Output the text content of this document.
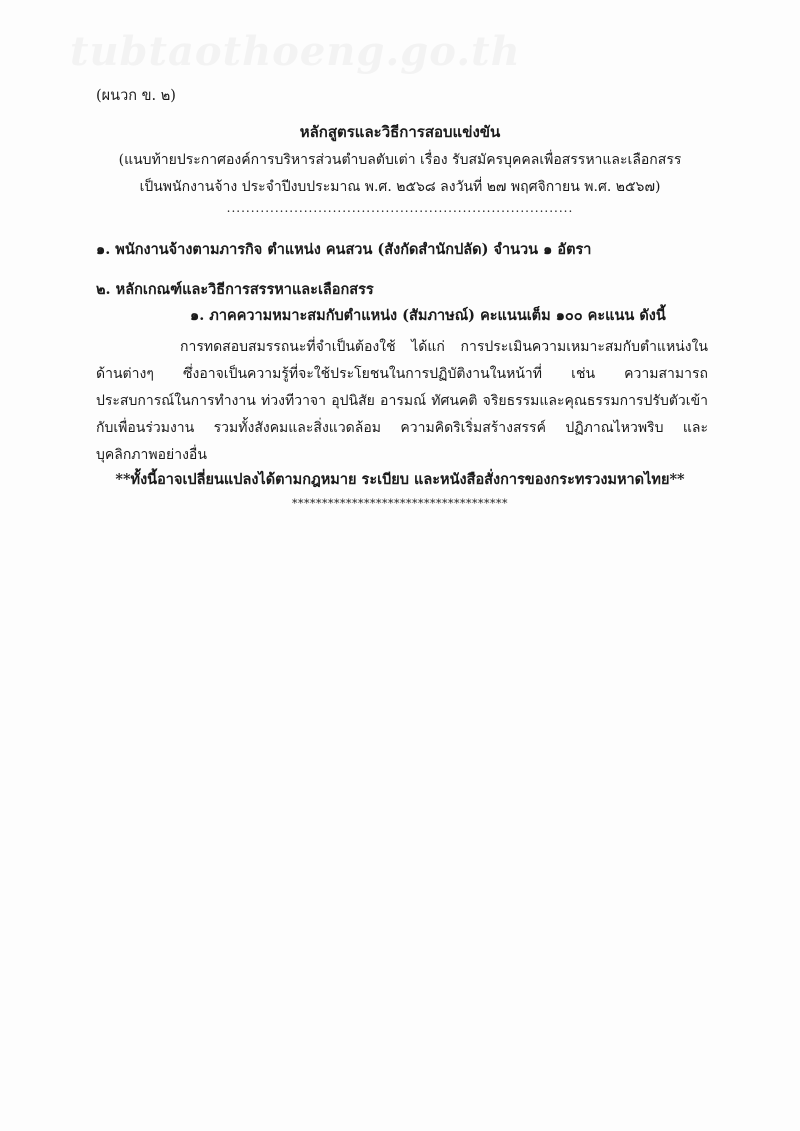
tubtaothoeng.go.th
(ผนวก ข. ๒)
หลักสูตรและวิธีการสอบแข่งขัน
(แนบท้ายประกาศองค์การบริหารส่วนตำบลตับเต่า เรื่อง รับสมัครบุคคลเพื่อสรรหาและเลือกสรร
เป็นพนักงานจ้าง ประจำปีงบประมาณ พ.ศ. ๒๕๖๘ ลงวันที่ ๒๗ พฤศจิกายน พ.ศ. ๒๕๖๗)
........................................................................
๑. พนักงานจ้างตามภารกิจ ตำแหน่ง คนสวน (สังกัดสำนักปลัด) จำนวน ๑ อัตรา
๒. หลักเกณฑ์และวิธีการสรรหาและเลือกสรร
๑. ภาคความหมาะสมกับตำแหน่ง (สัมภาษณ์) คะแนนเต็ม ๑๐๐ คะแนน ดังนี้
การทดสอบสมรรถนะที่จำเป็นต้องใช้ ได้แก่ การประเมินความเหมาะสมกับตำแหน่งในด้านต่างๆ ซึ่งอาจเป็นความรู้ที่จะใช้ประโยชนในการปฏิบัติงานในหน้าที่ เช่น ความสามารถประสบการณ์ในการทำงาน ท่วงทีวาจา อุปนิสัย อารมณ์ ทัศนคติ จริยธรรมและคุณธรรมการปรับตัวเข้ากับเพื่อนร่วมงาน รวมทั้งสังคมและสิ่งแวดล้อม ความคิดริเริ่มสร้างสรรค์ ปฏิภาณไหวพริบ และบุคลิกภาพอย่างอื่น
**ทั้งนี้อาจเปลี่ยนแปลงได้ตามกฎหมาย ระเบียบ และหนังสือสั่งการของกระทรวงมหาดไทย**
************************************
